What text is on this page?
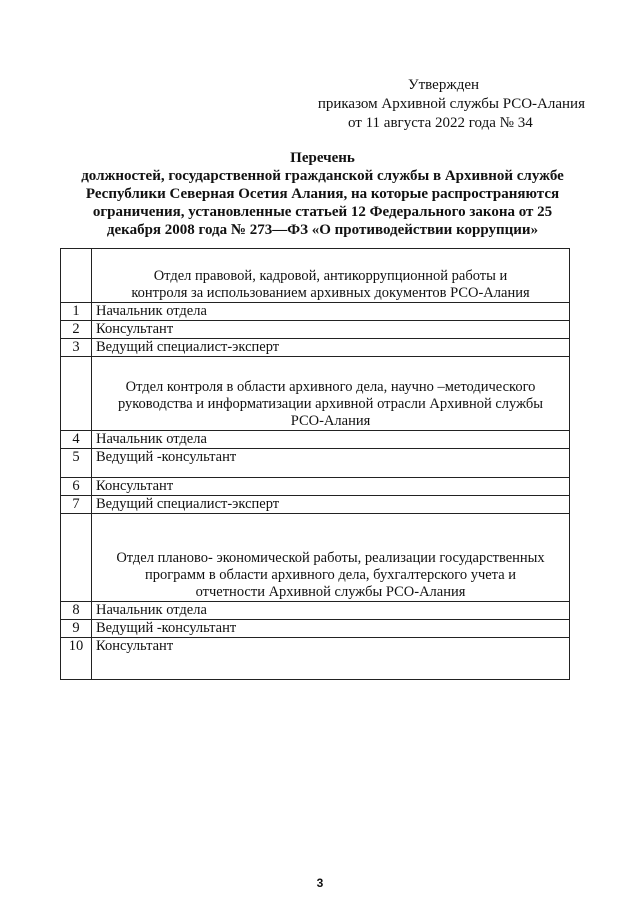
Утвержден
приказом Архивной службы РСО-Алания
от 11 августа 2022 года № 34
Перечень
должностей, государственной гражданской службы в Архивной службе
Республики Северная Осетия Алания, на которые распространяются
ограничения, установленные статьей 12 Федерального закона от 25
декабря 2008 года № 273—ФЗ «О противодействии коррупции»

	Отдел правовой, кадровой, антикоррупционной работы и
контроля за использованием архивных документов РСО-Алания

1	Начальник отдела
2	Консультант
3	Ведущий специалист-эксперт

	Отдел контроля в области архивного дела, научно –методического
руководства и информатизации архивной отрасли Архивной службы
РСО-Алания

4	Начальник отдела
5	Ведущий -консультант
6	Консультант
7	Ведущий специалист-эксперт

	Отдел планово- экономической работы, реализации государственных
программ в области архивного дела, бухгалтерского учета и
отчетности Архивной службы РСО-Алания

8	Начальник отдела
9	Ведущий -консультант
10	Консультант
3
